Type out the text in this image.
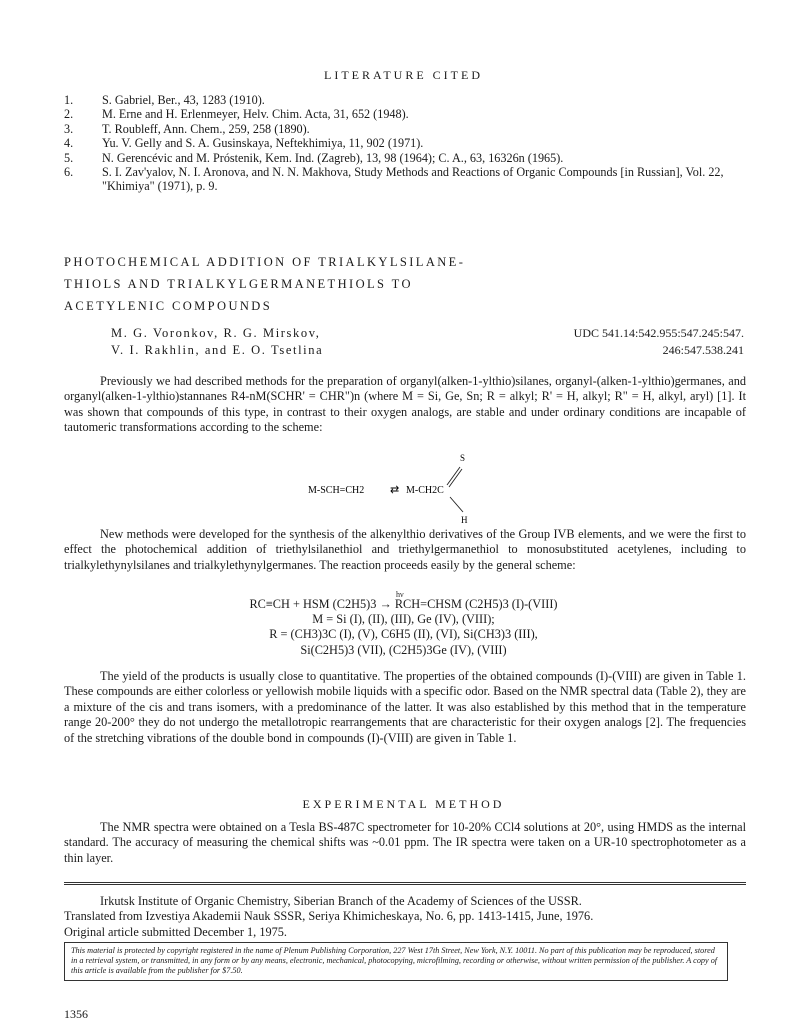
LITERATURE CITED
1.	S. Gabriel, Ber., 43, 1283 (1910).
2.	M. Erne and H. Erlenmeyer, Helv. Chim. Acta, 31, 652 (1948).
3.	T. Roubleff, Ann. Chem., 259, 258 (1890).
4.	Yu. V. Gelly and S. A. Gusinskaya, Neftekhimiya, 11, 902 (1971).
5.	N. Gerencévic and M. Próstenik, Kem. Ind. (Zagreb), 13, 98 (1964); C. A., 63, 16326n (1965).
6.	S. I. Zav'yalov, N. I. Aronova, and N. N. Makhova, Study Methods and Reactions of Organic Compounds [in Russian], Vol. 22, "Khimiya" (1971), p. 9.
PHOTOCHEMICAL ADDITION OF TRIALKYLSILANE-
THIOLS AND TRIALKYLGERMANETHIOLS TO
ACETYLENIC COMPOUNDS
M. G. Voronkov, R. G. Mirskov,
V. I. Rakhlin, and E. O. Tsetlina
UDC 541.14:542.955:547.245:547.
246:547.538.241

Previously we had described methods for the preparation of organyl(alken-1-ylthio)silanes, organyl-(alken-1-ylthio)germanes, and organyl(alken-1-ylthio)stannanes R4-nM(SCHR' = CHR")n (where M = Si, Ge, Sn; R = alkyl; R' = H, alkyl; R" = H, alkyl, aryl) [1]. It was shown that compounds of this type, in contrast to their oxygen analogs, are stable and under ordinary conditions are incapable of tautomeric transformations according to the scheme:

M-SCH=CH2 ⇄ M-CH2C
S
H

New methods were developed for the synthesis of the alkenylthio derivatives of the Group IVB elements, and we were the first to effect the photochemical addition of triethylsilanethiol and triethylgermanethiol to monosubstituted acetylenes, including to trialkylethynylsilanes and trialkylethynylgermanes. The reaction proceeds easily by the general scheme:

hν
RC≡CH + HSM (C2H5)3 → RCH=CHSM (C2H5)3 (I)-(VIII)
M = Si (I), (II), (III), Ge (IV), (VIII);
R = (CH3)3C (I), (V), C6H5 (II), (VI), Si(CH3)3 (III),
Si(C2H5)3 (VII), (C2H5)3Ge (IV), (VIII)

The yield of the products is usually close to quantitative. The properties of the obtained compounds (I)-(VIII) are given in Table 1. These compounds are either colorless or yellowish mobile liquids with a specific odor. Based on the NMR spectral data (Table 2), they are a mixture of the cis and trans isomers, with a predominance of the latter. It was also established by this method that in the temperature range 20-200° they do not undergo the metallotropic rearrangements that are characteristic for their oxygen analogs [2]. The frequencies of the stretching vibrations of the double bond in compounds (I)-(VIII) are given in Table 1.

EXPERIMENTAL METHOD

The NMR spectra were obtained on a Tesla BS-487C spectrometer for 10-20% CCl4 solutions at 20°, using HMDS as the internal standard. The accuracy of measuring the chemical shifts was ~0.01 ppm. The IR spectra were taken on a UR-10 spectrophotometer as a thin layer.

Irkutsk Institute of Organic Chemistry, Siberian Branch of the Academy of Sciences of the USSR.
Translated from Izvestiya Akademii Nauk SSSR, Seriya Khimicheskaya, No. 6, pp. 1413-1415, June, 1976.
Original article submitted December 1, 1975.
This material is protected by copyright registered in the name of Plenum Publishing Corporation, 227 West 17th Street, New York, N.Y. 10011. No part of this publication may be reproduced, stored in a retrieval system, or transmitted, in any form or by any means, electronic, mechanical, photocopying, microfilming, recording or otherwise, without written permission of the publisher. A copy of this article is available from the publisher for $7.50.
1356
